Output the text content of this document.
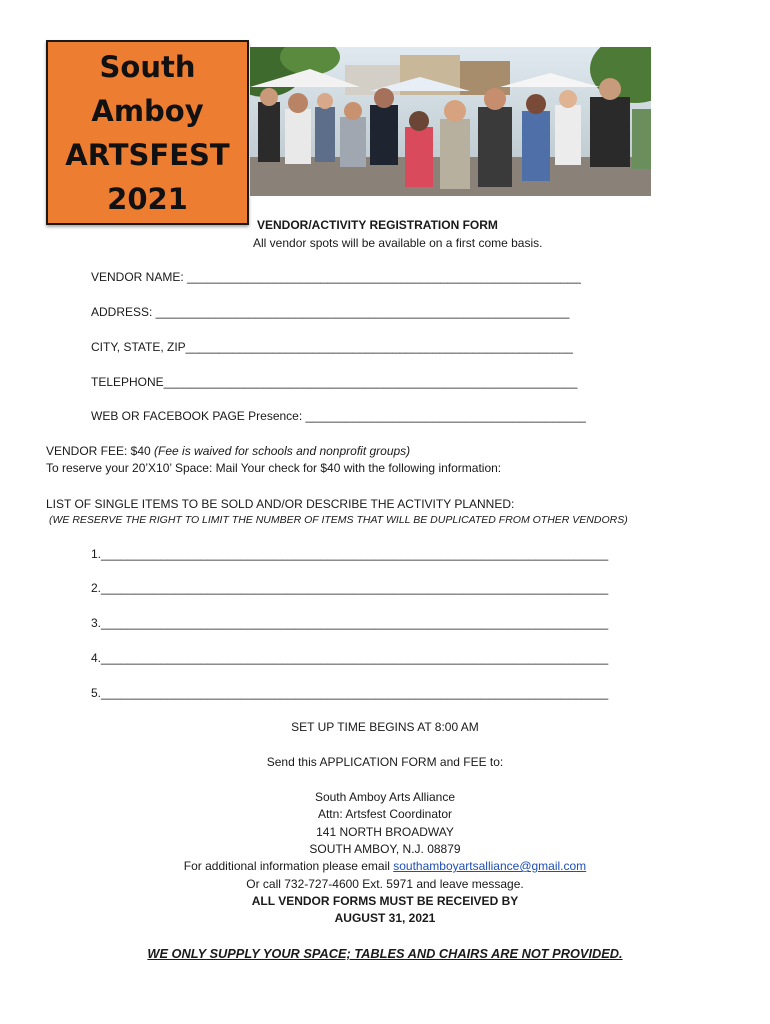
South
Amboy
ARTSFEST
2021
VENDOR/ACTIVITY REGISTRATION FORM
All vendor spots will be available on a first come basis.
VENDOR NAME: ___________________________________________________________
ADDRESS: ______________________________________________________________
CITY, STATE, ZIP__________________________________________________________
TELEPHONE______________________________________________________________
WEB OR FACEBOOK PAGE Presence: __________________________________________
VENDOR FEE: $40 (Fee is waived for schools and nonprofit groups)
To reserve your 20’X10’ Space: Mail Your check for $40 with the following information:
LIST OF SINGLE ITEMS TO BE SOLD AND/OR DESCRIBE THE ACTIVITY PLANNED:
(WE RESERVE THE RIGHT TO LIMIT THE NUMBER OF ITEMS THAT WILL BE DUPLICATED FROM OTHER VENDORS)
1.____________________________________________________________________________
2.____________________________________________________________________________
3.____________________________________________________________________________
4.____________________________________________________________________________
5.____________________________________________________________________________
SET UP TIME BEGINS AT 8:00 AM
Send this APPLICATION FORM and FEE to:
South Amboy Arts Alliance
Attn: Artsfest Coordinator
141 NORTH BROADWAY
SOUTH AMBOY, N.J. 08879
For additional information please email southamboyartsalliance@gmail.com
Or call 732-727-4600 Ext. 5971 and leave message.
ALL VENDOR FORMS MUST BE RECEIVED BY
AUGUST 31, 2021
WE ONLY SUPPLY YOUR SPACE; TABLES AND CHAIRS ARE NOT PROVIDED.
